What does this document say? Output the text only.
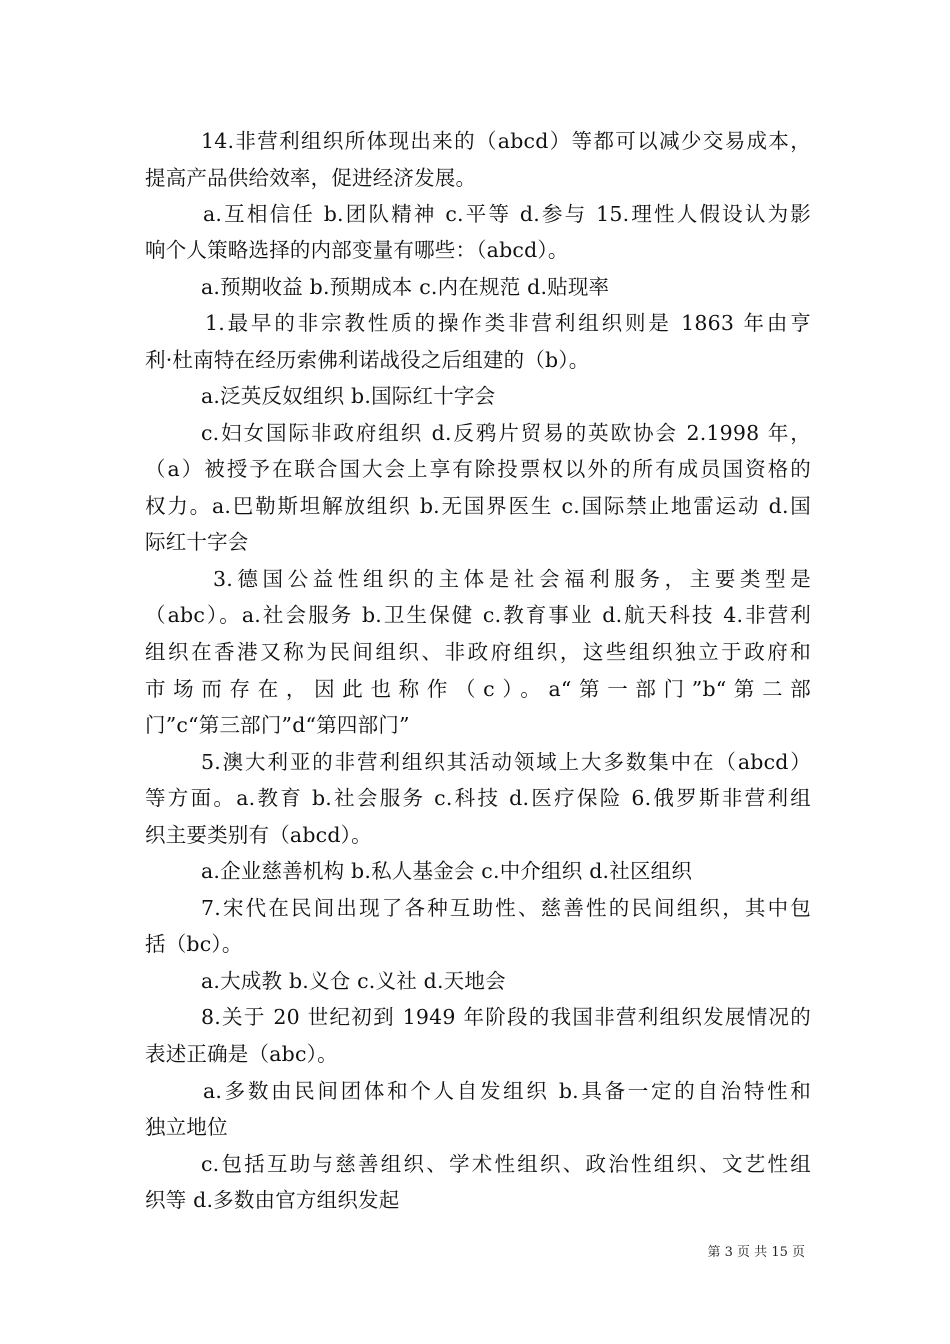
14.非营利组织所体现出来的（abcd）等都可以减少交易成本，
提高产品供给效率，促进经济发展。
a.互相信任 b.团队精神 c.平等 d.参与 15.理性人假设认为影
响个人策略选择的内部变量有哪些：（abcd）。
a.预期收益 b.预期成本 c.内在规范 d.贴现率
1.最早的非宗教性质的操作类非营利组织则是 1863 年由亨
利·杜南特在经历索佛利诺战役之后组建的（b）。
a.泛英反奴组织 b.国际红十字会
c.妇女国际非政府组织 d.反鸦片贸易的英欧协会 2.1998 年，
（a）被授予在联合国大会上享有除投票权以外的所有成员国资格的
权力。a.巴勒斯坦解放组织 b.无国界医生 c.国际禁止地雷运动 d.国
际红十字会
3.德国公益性组织的主体是社会福利服务，主要类型是
（abc）。a.社会服务 b.卫生保健 c.教育事业 d.航天科技 4.非营利
组织在香港又称为民间组织、非政府组织，这些组织独立于政府和
市场而存在，因此也称作（c）。a“第一部门”b“第二部
门”c“第三部门”d“第四部门”
5.澳大利亚的非营利组织其活动领域上大多数集中在（abcd）
等方面。a.教育 b.社会服务 c.科技 d.医疗保险 6.俄罗斯非营利组
织主要类别有（abcd）。
a.企业慈善机构 b.私人基金会 c.中介组织 d.社区组织
7.宋代在民间出现了各种互助性、慈善性的民间组织，其中包
括（bc）。
a.大成教 b.义仓 c.义社 d.天地会
8.关于 20 世纪初到 1949 年阶段的我国非营利组织发展情况的
表述正确是（abc）。
a.多数由民间团体和个人自发组织 b.具备一定的自治特性和
独立地位
c.包括互助与慈善组织、学术性组织、政治性组织、文艺性组
织等 d.多数由官方组织发起
第 3 页 共 15 页
